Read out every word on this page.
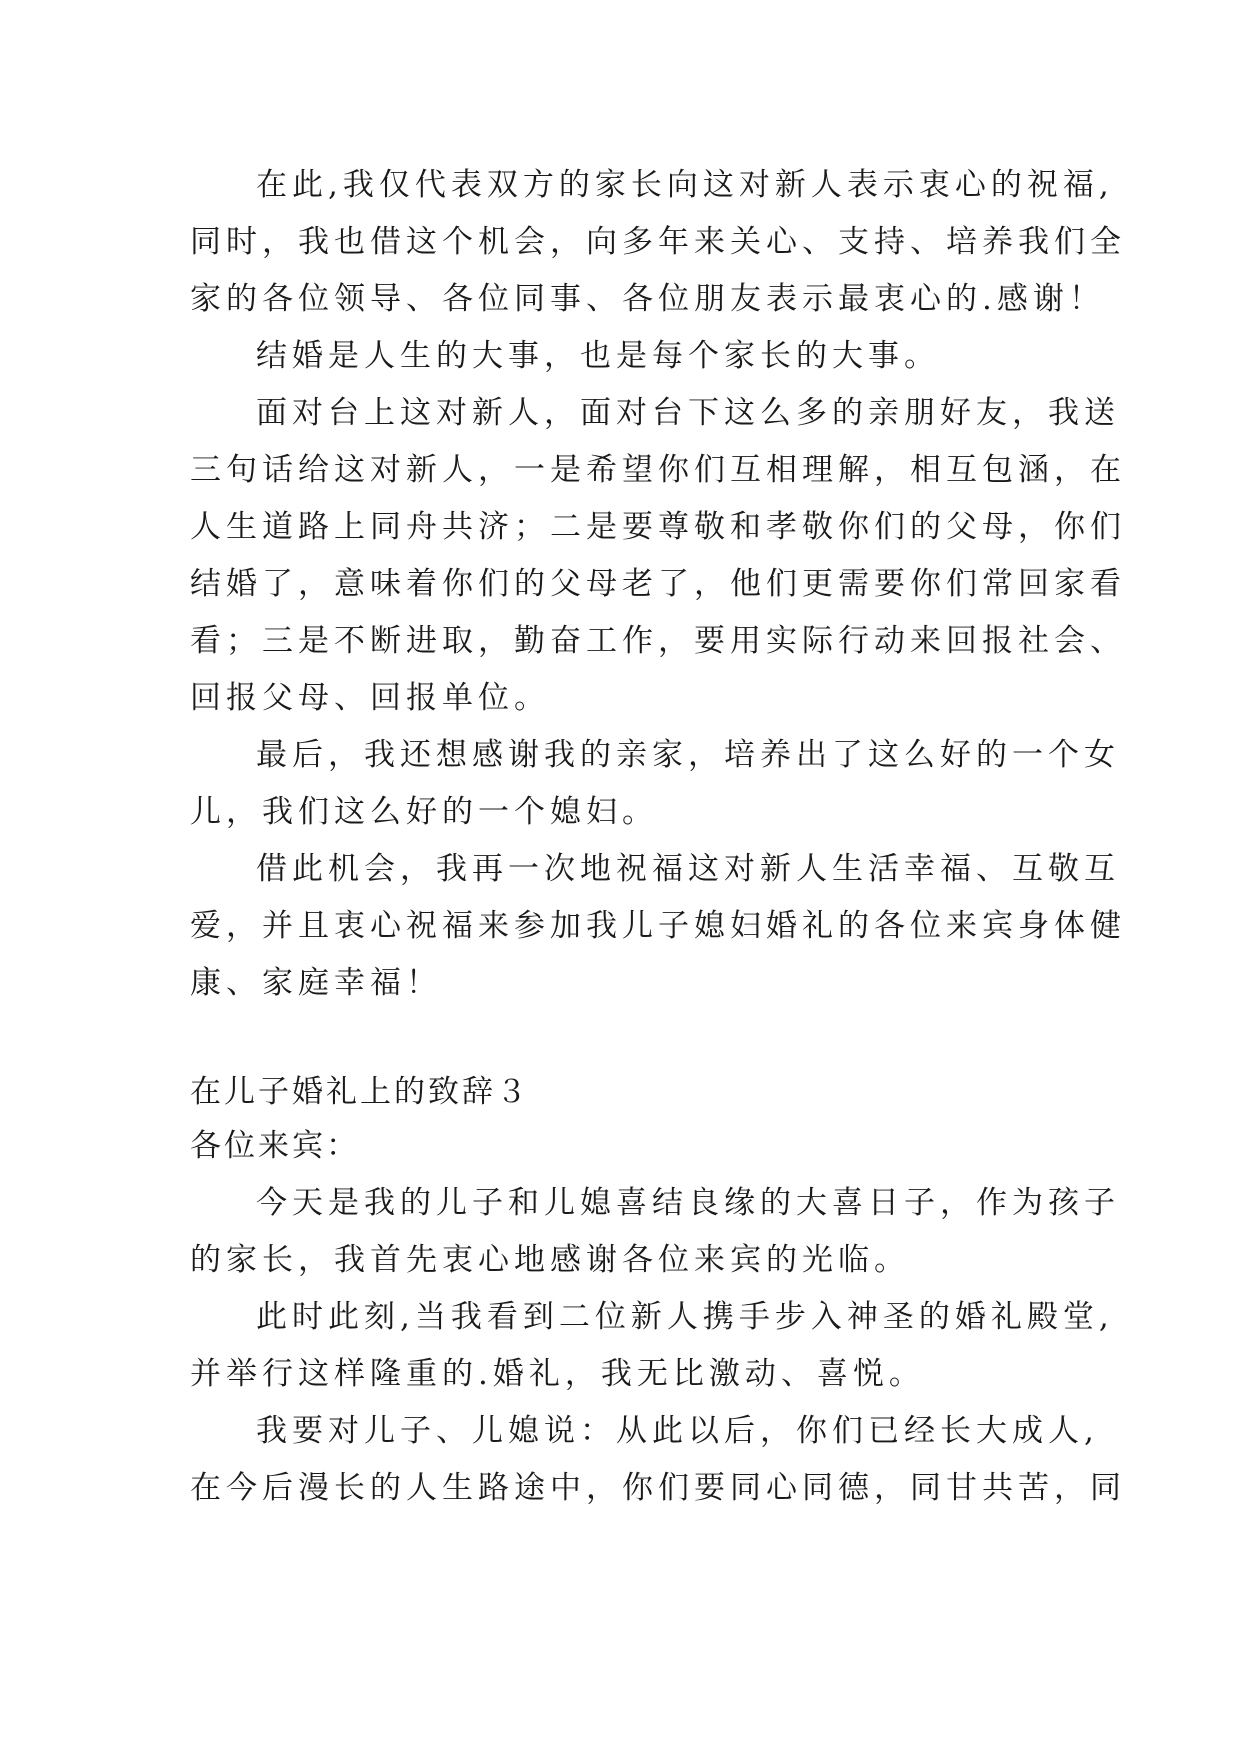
在此,我仅代表双方的家长向这对新人表示衷心的祝福,
同时，我也借这个机会，向多年来关心、支持、培养我们全
家的各位领导、各位同事、各位朋友表示最衷心的.感谢！
结婚是人生的大事，也是每个家长的大事。
面对台上这对新人，面对台下这么多的亲朋好友，我送
三句话给这对新人，一是希望你们互相理解，相互包涵，在
人生道路上同舟共济；二是要尊敬和孝敬你们的父母，你们
结婚了，意味着你们的父母老了，他们更需要你们常回家看
看；三是不断进取，勤奋工作，要用实际行动来回报社会、
回报父母、回报单位。
最后，我还想感谢我的亲家，培养出了这么好的一个女
儿，我们这么好的一个媳妇。
借此机会，我再一次地祝福这对新人生活幸福、互敬互
爱，并且衷心祝福来参加我儿子媳妇婚礼的各位来宾身体健
康、家庭幸福！
在儿子婚礼上的致辞３
各位来宾：
今天是我的儿子和儿媳喜结良缘的大喜日子，作为孩子
的家长，我首先衷心地感谢各位来宾的光临。
此时此刻,当我看到二位新人携手步入神圣的婚礼殿堂,
并举行这样隆重的.婚礼，我无比激动、喜悦。
我要对儿子、儿媳说：从此以后，你们已经长大成人,
在今后漫长的人生路途中，你们要同心同德，同甘共苦，同
